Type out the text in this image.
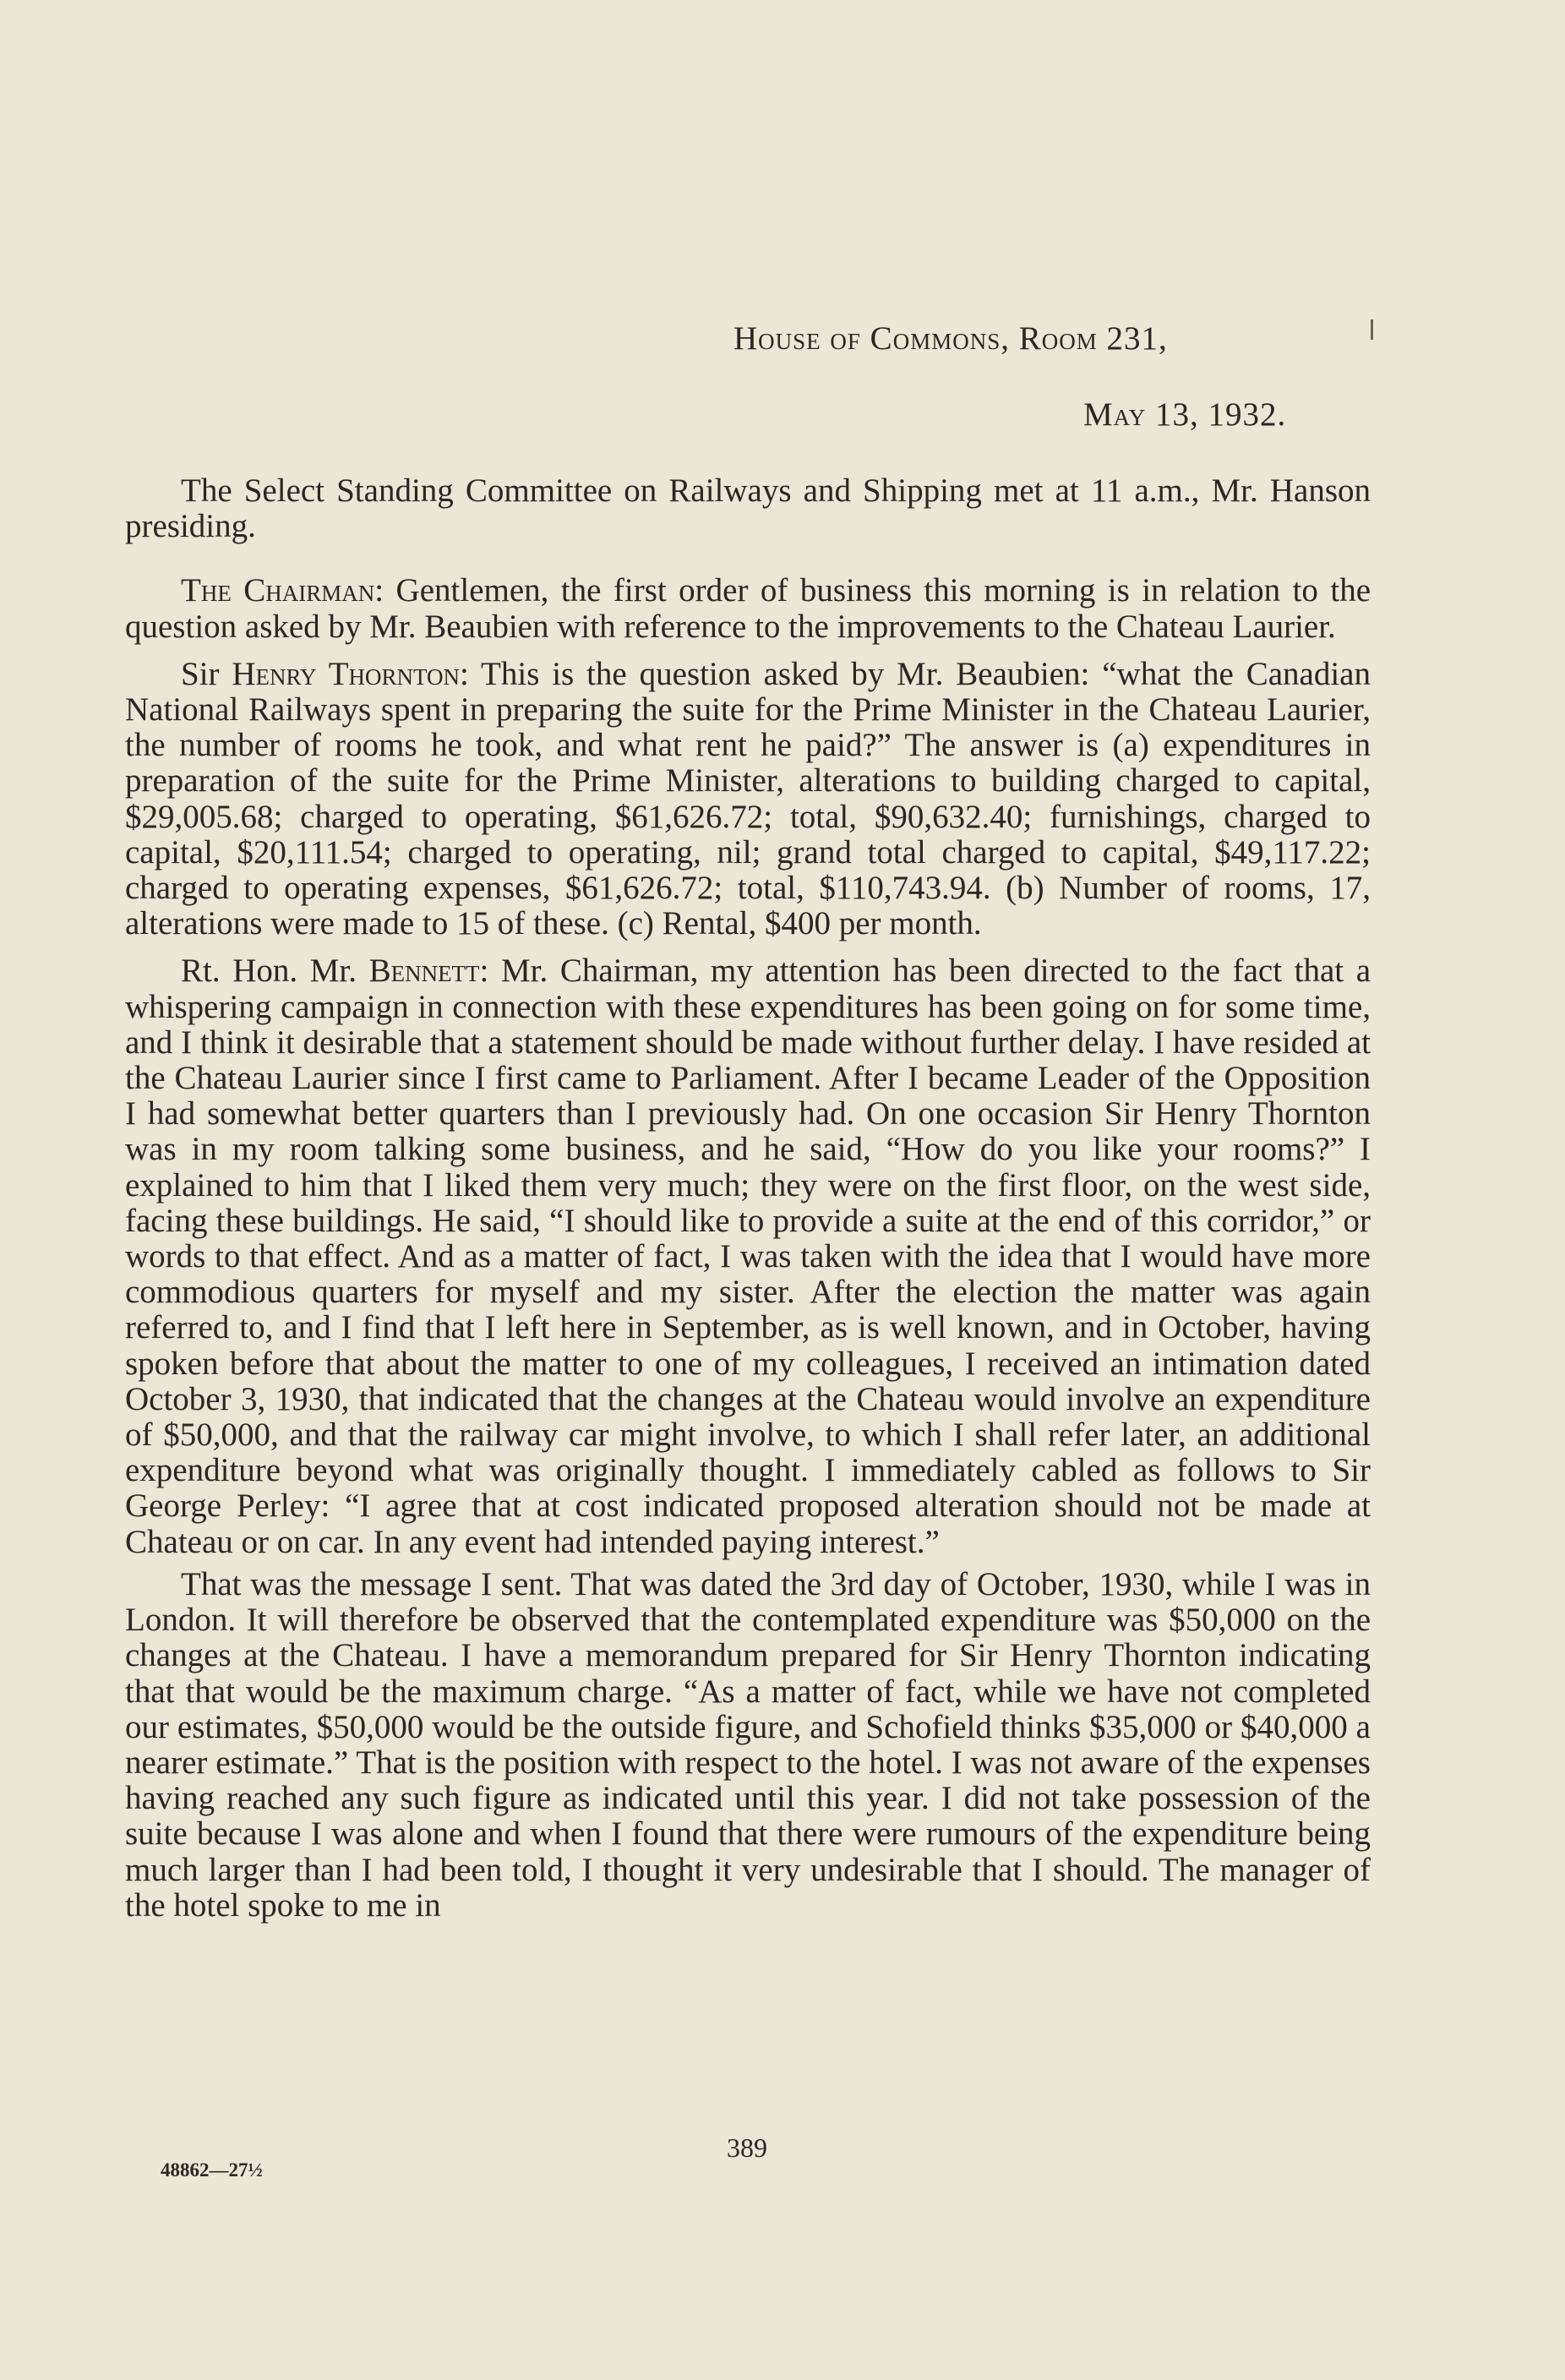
House of Commons, Room 231,
May 13, 1932.

The Select Standing Committee on Railways and Shipping met at 11 a.m., Mr. Hanson presiding.

The Chairman: Gentlemen, the first order of business this morning is in relation to the question asked by Mr. Beaubien with reference to the improvements to the Chateau Laurier.

Sir Henry Thornton: This is the question asked by Mr. Beaubien: “what the Canadian National Railways spent in preparing the suite for the Prime Minister in the Chateau Laurier, the number of rooms he took, and what rent he paid?” The answer is (a) expenditures in preparation of the suite for the Prime Minister, alterations to building charged to capital, $29,005.68; charged to operating, $61,626.72; total, $90,632.40; furnishings, charged to capital, $20,111.54; charged to operating, nil; grand total charged to capital, $49,117.22; charged to operating expenses, $61,626.72; total, $110,743.94. (b) Number of rooms, 17, alterations were made to 15 of these. (c) Rental, $400 per month.

Rt. Hon. Mr. Bennett: Mr. Chairman, my attention has been directed to the fact that a whispering campaign in connection with these expenditures has been going on for some time, and I think it desirable that a statement should be made without further delay. I have resided at the Chateau Laurier since I first came to Parliament. After I became Leader of the Opposition I had somewhat better quarters than I previously had. On one occasion Sir Henry Thornton was in my room talking some business, and he said, “How do you like your rooms?” I explained to him that I liked them very much; they were on the first floor, on the west side, facing these buildings. He said, “I should like to provide a suite at the end of this corridor,” or words to that effect. And as a matter of fact, I was taken with the idea that I would have more commodious quarters for myself and my sister. After the election the matter was again referred to, and I find that I left here in September, as is well known, and in October, having spoken before that about the matter to one of my colleagues, I received an intimation dated October 3, 1930, that indicated that the changes at the Chateau would involve an expenditure of $50,000, and that the railway car might involve, to which I shall refer later, an additional expenditure beyond what was originally thought. I immediately cabled as follows to Sir George Perley: “I agree that at cost indicated proposed alteration should not be made at Chateau or on car. In any event had intended paying interest.”

That was the message I sent. That was dated the 3rd day of October, 1930, while I was in London. It will therefore be observed that the contemplated expenditure was $50,000 on the changes at the Chateau. I have a memorandum prepared for Sir Henry Thornton indicating that that would be the maximum charge. “As a matter of fact, while we have not completed our estimates, $50,000 would be the outside figure, and Schofield thinks $35,000 or $40,000 a nearer estimate.” That is the position with respect to the hotel. I was not aware of the expenses having reached any such figure as indicated until this year. I did not take possession of the suite because I was alone and when I found that there were rumours of the expenditure being much larger than I had been told, I thought it very undesirable that I should. The manager of the hotel spoke to me in

389
48862—27½
